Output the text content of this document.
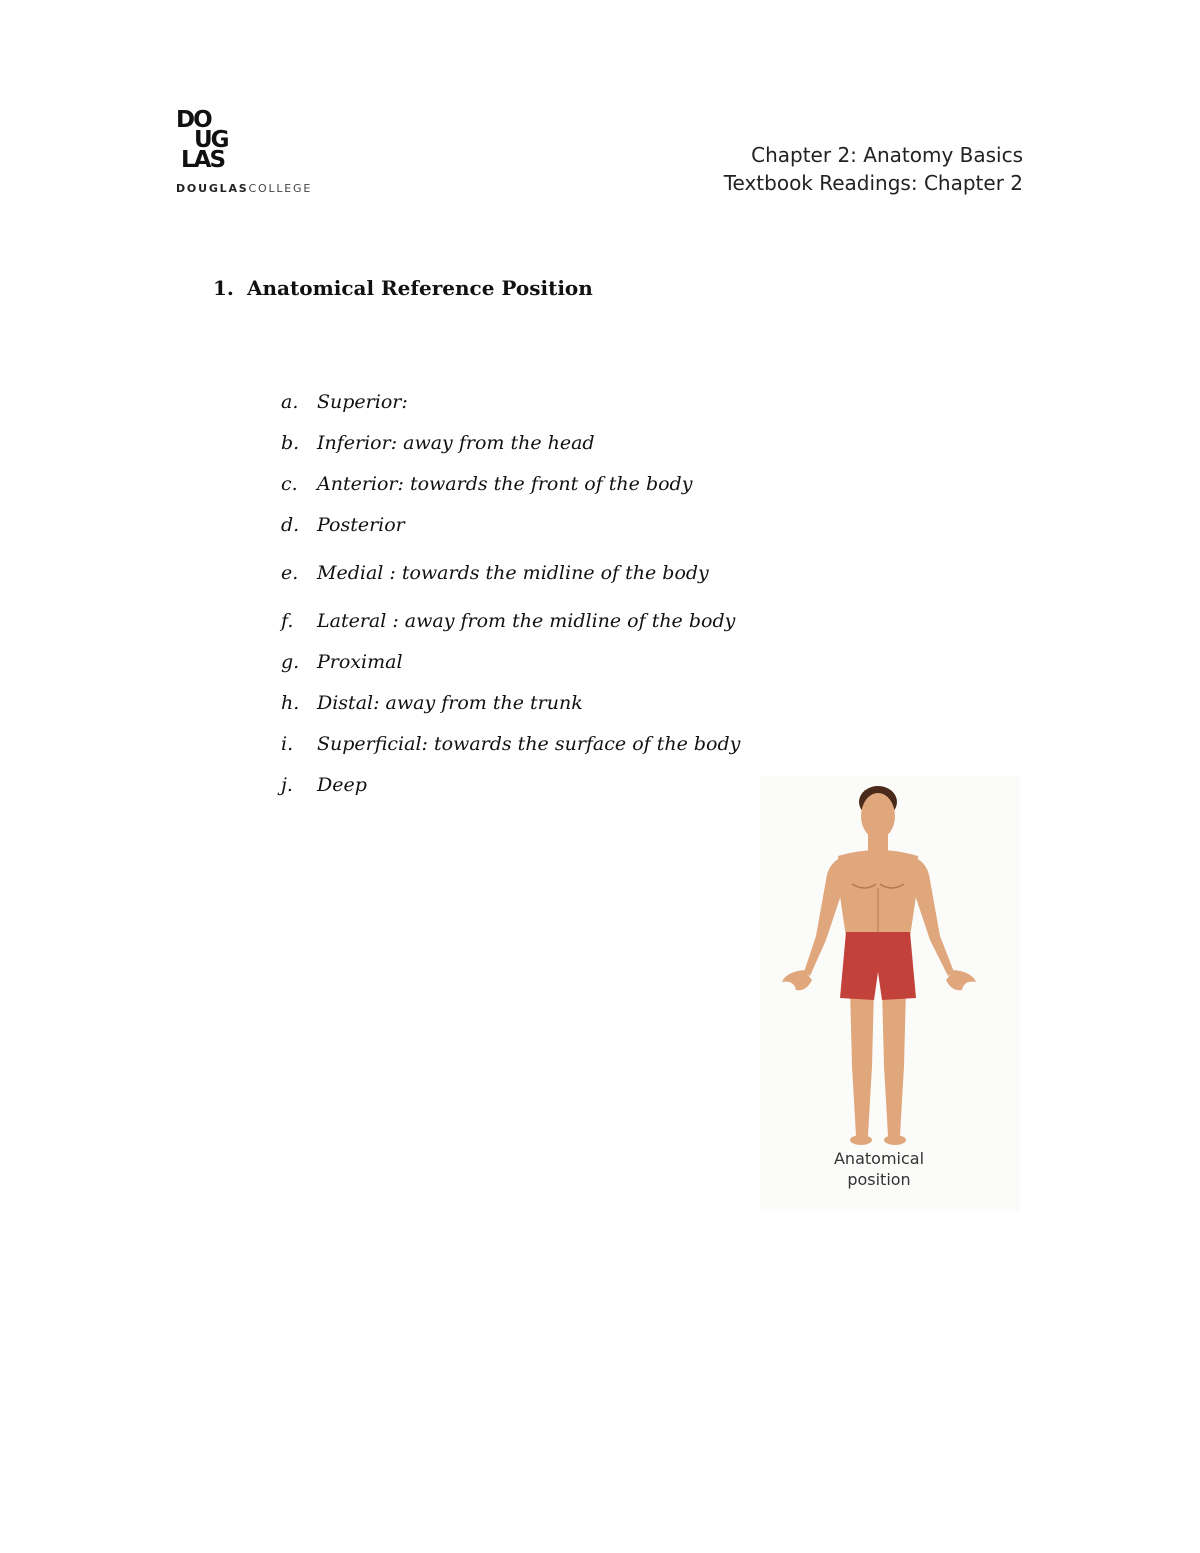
DO
UG
LAS
DOUGLASCOLLEGE
Chapter 2: Anatomy Basics
Textbook Readings: Chapter 2
1. Anatomical Reference Position
a. Superior:
b. Inferior: away from the head
c. Anterior: towards the front of the body
d. Posterior
e. Medial : towards the midline of the body
f. Lateral : away from the midline of the body
g. Proximal
h. Distal: away from the trunk
i. Superficial: towards the surface of the body
j. Deep
Anatomical
position
